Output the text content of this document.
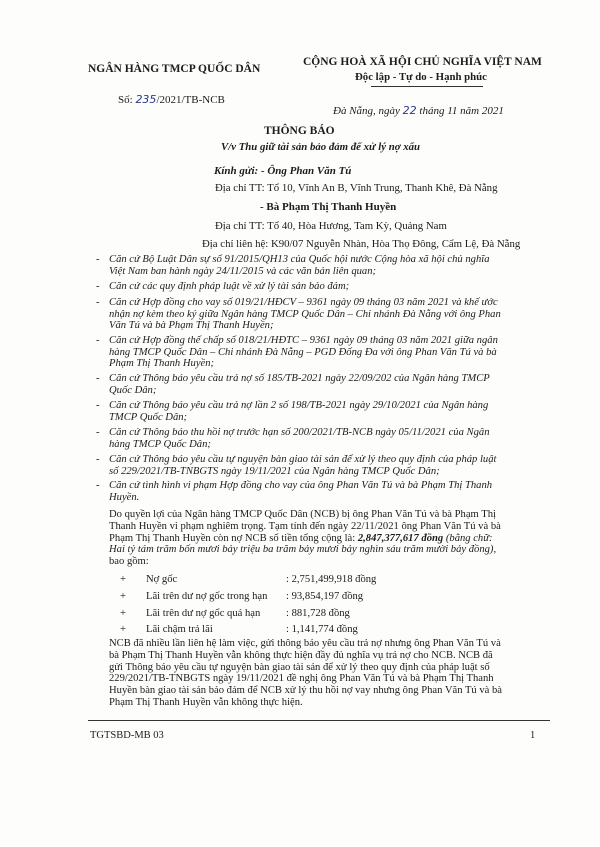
NGÂN HÀNG TMCP QUỐC DÂN
Số: 235/2021/TB-NCB
CỘNG HOÀ XÃ HỘI CHỦ NGHĨA VIỆT NAM
Độc lập - Tự do - Hạnh phúc
Đà Nẵng, ngày 22 tháng 11 năm 2021
THÔNG BÁO
V/v Thu giữ tài sản bảo đảm để xử lý nợ xấu
Kính gửi: - Ông Phan Văn Tú
Địa chỉ TT: Tổ 10, Vĩnh An B, Vĩnh Trung, Thanh Khê, Đà Nẵng
- Bà Phạm Thị Thanh Huyền
Địa chỉ TT: Tổ 40, Hòa Hương, Tam Kỳ, Quảng Nam
Địa chỉ liên hệ: K90/07 Nguyễn Nhàn, Hòa Thọ Đông, Cẩm Lệ, Đà Nẵng
- Căn cứ Bộ Luật Dân sự số 91/2015/QH13 của Quốc hội nước Cộng hòa xã hội chủ nghĩa
Việt Nam ban hành ngày 24/11/2015 và các văn bản liên quan;
- Căn cứ các quy định pháp luật về xử lý tài sản bảo đảm;
- Căn cứ Hợp đồng cho vay số 019/21/HĐCV – 9361 ngày 09 tháng 03 năm 2021 và khế ước
nhận nợ kèm theo ký giữa Ngân hàng TMCP Quốc Dân – Chi nhánh Đà Nẵng với ông Phan
Văn Tú và bà Phạm Thị Thanh Huyền;
- Căn cứ Hợp đồng thế chấp số 018/21/HĐTC – 9361 ngày 09 tháng 03 năm 2021 giữa ngân
hàng TMCP Quốc Dân – Chi nhánh Đà Nẵng – PGD Đống Đa với ông Phan Văn Tú và bà
Phạm Thị Thanh Huyền;
- Căn cứ Thông báo yêu cầu trả nợ số 185/TB-2021 ngày 22/09/202 của Ngân hàng TMCP
Quốc Dân;
- Căn cứ Thông báo yêu cầu trả nợ lần 2 số 198/TB-2021 ngày 29/10/2021 của Ngân hàng
TMCP Quốc Dân;
- Căn cứ Thông báo thu hồi nợ trước hạn số 200/2021/TB-NCB ngày 05/11/2021 của Ngân
hàng TMCP Quốc Dân;
- Căn cứ Thông báo yêu cầu tự nguyện bàn giao tài sản để xử lý theo quy định của pháp luật
số 229/2021/TB-TNBGTS ngày 19/11/2021 của Ngân hàng TMCP Quốc Dân;
- Căn cứ tình hình vi phạm Hợp đồng cho vay của ông Phan Văn Tú và bà Phạm Thị Thanh
Huyền.
Do quyền lợi của Ngân hàng TMCP Quốc Dân (NCB) bị ông Phan Văn Tú và bà Phạm Thị
Thanh Huyền vi phạm nghiêm trọng. Tạm tính đến ngày 22/11/2021 ông Phan Văn Tú và bà
Phạm Thị Thanh Huyền còn nợ NCB số tiền tổng cộng là: 2,847,377,617 đồng (bằng chữ:
Hai tỷ tám trăm bốn mươi bảy triệu ba trăm bảy mươi bảy nghìn sáu trăm mười bảy đồng),
bao gồm:
+ Nợ gốc	: 2,751,499,918 đồng
+ Lãi trên dư nợ gốc trong hạn : 93,854,197 đồng
+ Lãi trên dư nợ gốc quá hạn : 881,728 đồng
+ Lãi chậm trả lãi	: 1,141,774 đồng
NCB đã nhiều lần liên hệ làm việc, gửi thông báo yêu cầu trả nợ nhưng ông Phan Văn Tú và
bà Phạm Thị Thanh Huyền vẫn không thực hiện đầy đủ nghĩa vụ trả nợ cho NCB. NCB đã
gửi Thông báo yêu cầu tự nguyện bàn giao tài sản để xử lý theo quy định của pháp luật số
229/2021/TB-TNBGTS ngày 19/11/2021 đề nghị ông Phan Văn Tú và bà Phạm Thị Thanh
Huyền bàn giao tài sản bảo đảm để NCB xử lý thu hồi nợ vay nhưng ông Phan Văn Tú và bà
Phạm Thị Thanh Huyền vẫn không thực hiện.
TGTSBD-MB 03	1
